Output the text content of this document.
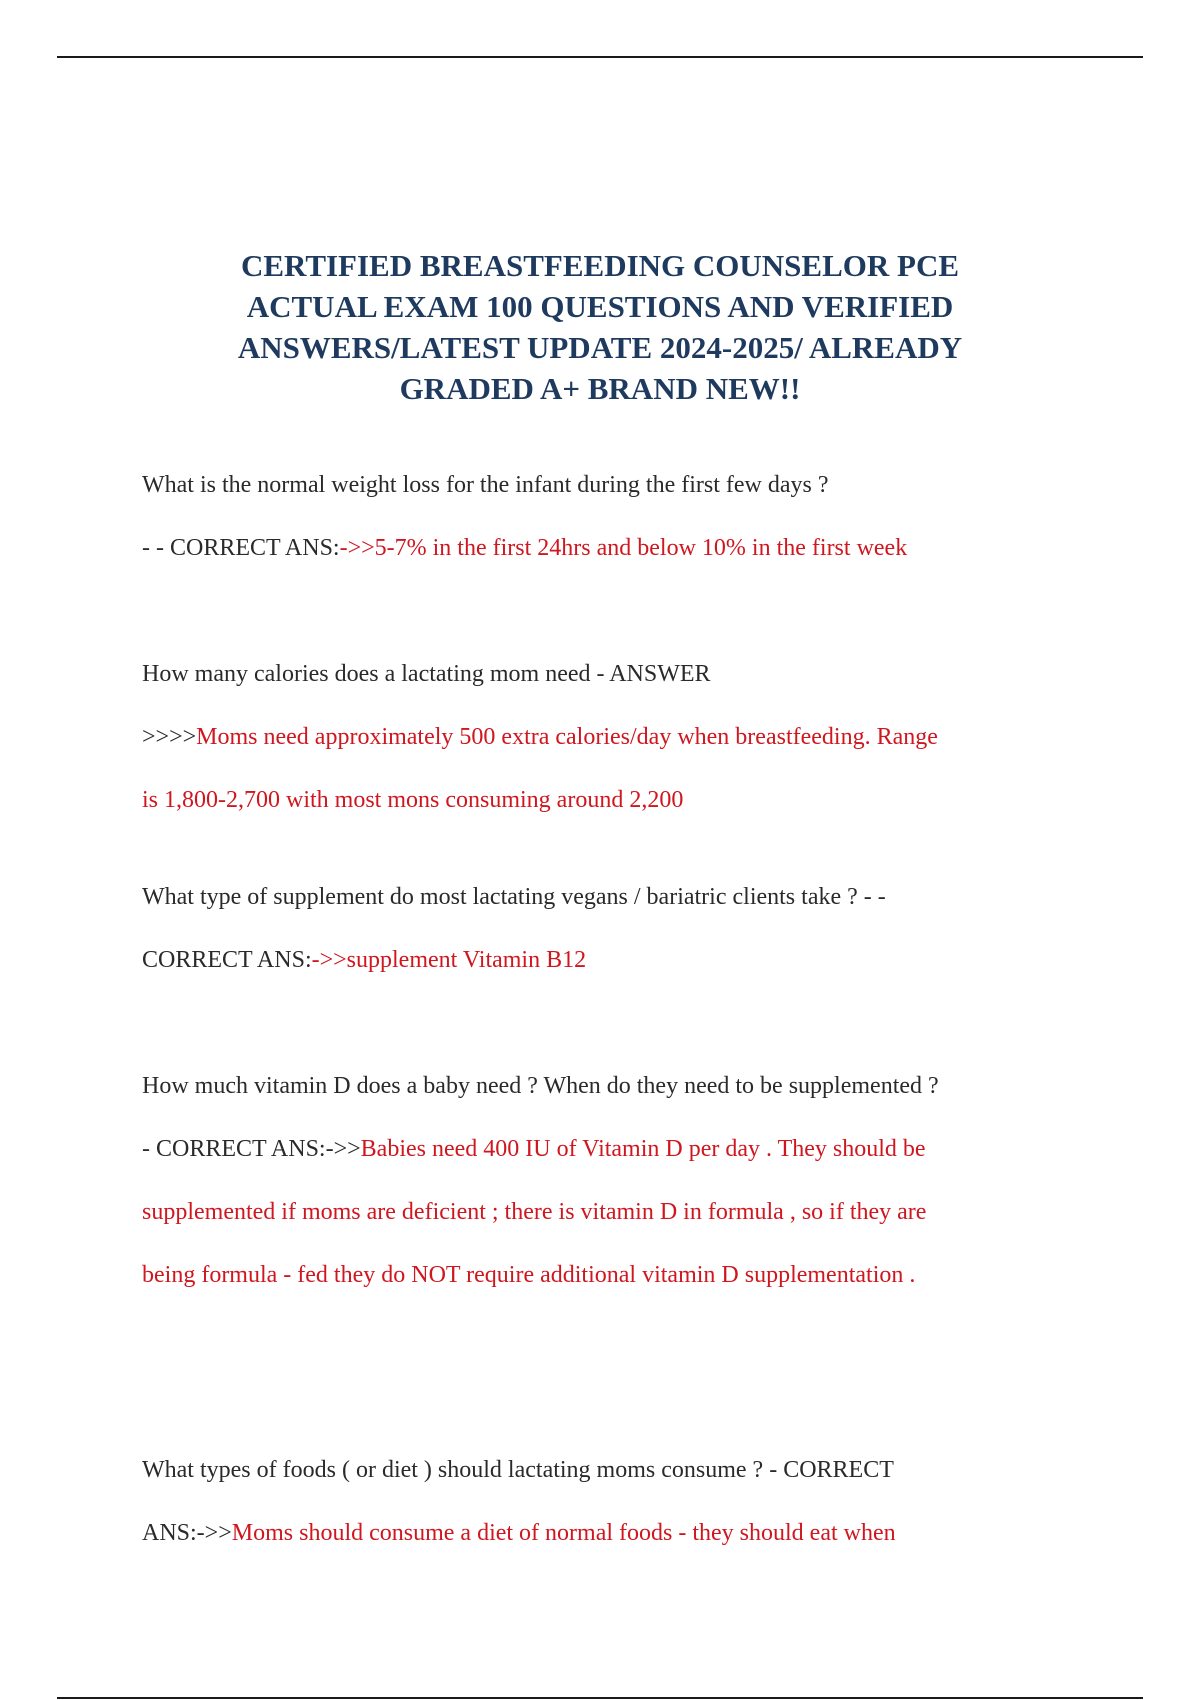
CERTIFIED BREASTFEEDING COUNSELOR PCE
ACTUAL EXAM 100 QUESTIONS AND VERIFIED
ANSWERS/LATEST UPDATE 2024-2025/ ALREADY
GRADED A+ BRAND NEW!!
What is the normal weight loss for the infant during the first few days ?
- - CORRECT ANS:->>5-7% in the first 24hrs and below 10% in the first week
How many calories does a lactating mom need - ANSWER
>>>>Moms need approximately 500 extra calories/day when breastfeeding. Range
is 1,800-2,700 with most mons consuming around 2,200
What type of supplement do most lactating vegans / bariatric clients take ? - -
CORRECT ANS:->>supplement Vitamin B12
How much vitamin D does a baby need ? When do they need to be supplemented ?
- CORRECT ANS:->>Babies need 400 IU of Vitamin D per day . They should be
supplemented if moms are deficient ; there is vitamin D in formula , so if they are
being formula - fed they do NOT require additional vitamin D supplementation .
What types of foods ( or diet ) should lactating moms consume ? - CORRECT
ANS:->>Moms should consume a diet of normal foods - they should eat when
